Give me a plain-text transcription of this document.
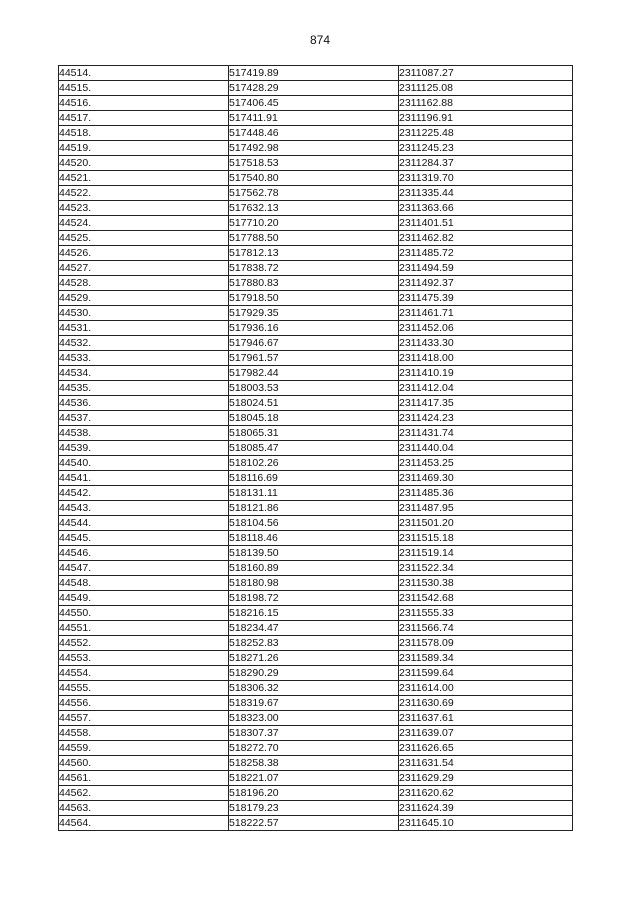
874
44514.	517419.89	2311087.27
44515.	517428.29	2311125.08
44516.	517406.45	2311162.88
44517.	517411.91	2311196.91
44518.	517448.46	2311225.48
44519.	517492.98	2311245.23
44520.	517518.53	2311284.37
44521.	517540.80	2311319.70
44522.	517562.78	2311335.44
44523.	517632.13	2311363.66
44524.	517710.20	2311401.51
44525.	517788.50	2311462.82
44526.	517812.13	2311485.72
44527.	517838.72	2311494.59
44528.	517880.83	2311492.37
44529.	517918.50	2311475.39
44530.	517929.35	2311461.71
44531.	517936.16	2311452.06
44532.	517946.67	2311433.30
44533.	517961.57	2311418.00
44534.	517982.44	2311410.19
44535.	518003.53	2311412.04
44536.	518024.51	2311417.35
44537.	518045.18	2311424.23
44538.	518065.31	2311431.74
44539.	518085.47	2311440.04
44540.	518102.26	2311453.25
44541.	518116.69	2311469.30
44542.	518131.11	2311485.36
44543.	518121.86	2311487.95
44544.	518104.56	2311501.20
44545.	518118.46	2311515.18
44546.	518139.50	2311519.14
44547.	518160.89	2311522.34
44548.	518180.98	2311530.38
44549.	518198.72	2311542.68
44550.	518216.15	2311555.33
44551.	518234.47	2311566.74
44552.	518252.83	2311578.09
44553.	518271.26	2311589.34
44554.	518290.29	2311599.64
44555.	518306.32	2311614.00
44556.	518319.67	2311630.69
44557.	518323.00	2311637.61
44558.	518307.37	2311639.07
44559.	518272.70	2311626.65
44560.	518258.38	2311631.54
44561.	518221.07	2311629.29
44562.	518196.20	2311620.62
44563.	518179.23	2311624.39
44564.	518222.57	2311645.10
